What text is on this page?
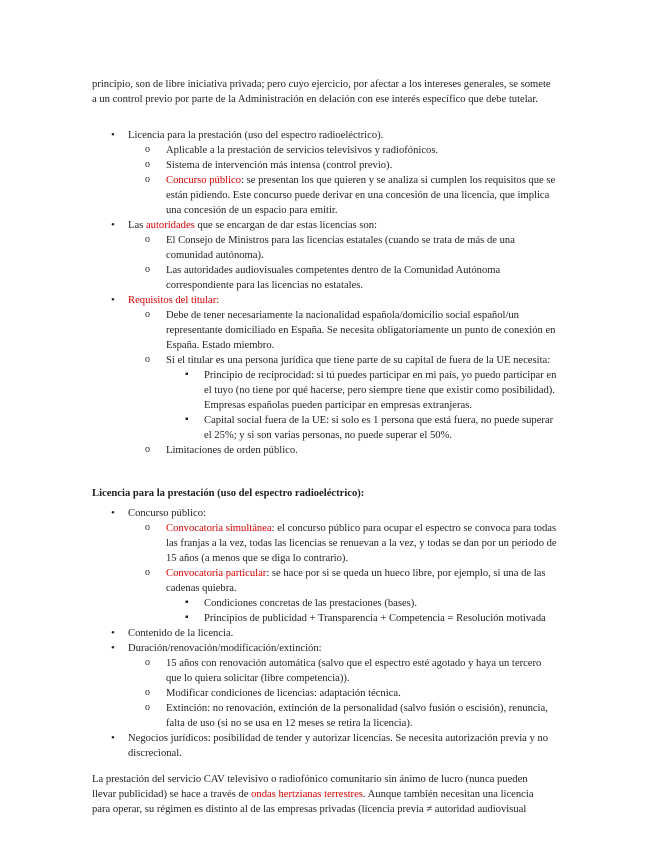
principio, son de libre iniciativa privada; pero cuyo ejercicio, por afectar a los intereses generales, se somete a un control previo por parte de la Administración en delación con ese interés específico que debe tutelar.
• Licencia para la prestación (uso del espectro radioeléctrico).
o Aplicable a la prestación de servicios televisivos y radiofónicos.
o Sistema de intervención más intensa (control previo).
o Concurso público: se presentan los que quieren y se analiza si cumplen los requisitos que se están pidiendo. Este concurso puede derivar en una concesión de una licencia, que implica una concesión de un espacio para emitir.
• Las autoridades que se encargan de dar estas licencias son:
o El Consejo de Ministros para las licencias estatales (cuando se trata de más de una comunidad autónoma).
o Las autoridades audiovisuales competentes dentro de la Comunidad Autónoma correspondiente para las licencias no estatales.
• Requisitos del titular:
o Debe de tener necesariamente la nacionalidad española/domicilio social español/un representante domiciliado en España. Se necesita obligatoriamente un punto de conexión en España. Estado miembro.
o Si el titular es una persona jurídica que tiene parte de su capital de fuera de la UE necesita:
▪ Principio de reciprocidad: si tú puedes participar en mi país, yo puedo participar en el tuyo (no tiene por qué hacerse, pero siempre tiene que existir como posibilidad). Empresas españolas pueden participar en empresas extranjeras.
▪ Capital social fuera de la UE: si solo es 1 persona que está fuera, no puede superar el 25%; y si son varias personas, no puede superar el 50%.
o Limitaciones de orden público.
Licencia para la prestación (uso del espectro radioeléctrico):
• Concurso público:
o Convocatoria simultánea: el concurso público para ocupar el espectro se convoca para todas las franjas a la vez, todas las licencias se renuevan a la vez, y todas se dan por un periodo de 15 años (a menos que se diga lo contrario).
o Convocatoria particular: se hace por si se queda un hueco libre, por ejemplo, si una de las cadenas quiebra.
▪ Condiciones concretas de las prestaciones (bases).
▪ Principios de publicidad + Transparencia + Competencia = Resolución motivada
• Contenido de la licencia.
• Duración/renovación/modificación/extinción:
o 15 años con renovación automática (salvo que el espectro esté agotado y haya un tercero que lo quiera solicitar (libre competencia)).
o Modificar condiciones de licencias: adaptación técnica.
o Extinción: no renovación, extinción de la personalidad (salvo fusión o escisión), renuncia, falta de uso (si no se usa en 12 meses se retira la licencia).
• Negocios jurídicos: posibilidad de tender y autorizar licencias. Se necesita autorización previa y no discrecional.
La prestación del servicio CAV televisivo o radiofónico comunitario sin ánimo de lucro (nunca pueden llevar publicidad) se hace a través de ondas hertzianas terrestres. Aunque también necesitan una licencia para operar, su régimen es distinto al de las empresas privadas (licencia previa ≠ autoridad audiovisual
